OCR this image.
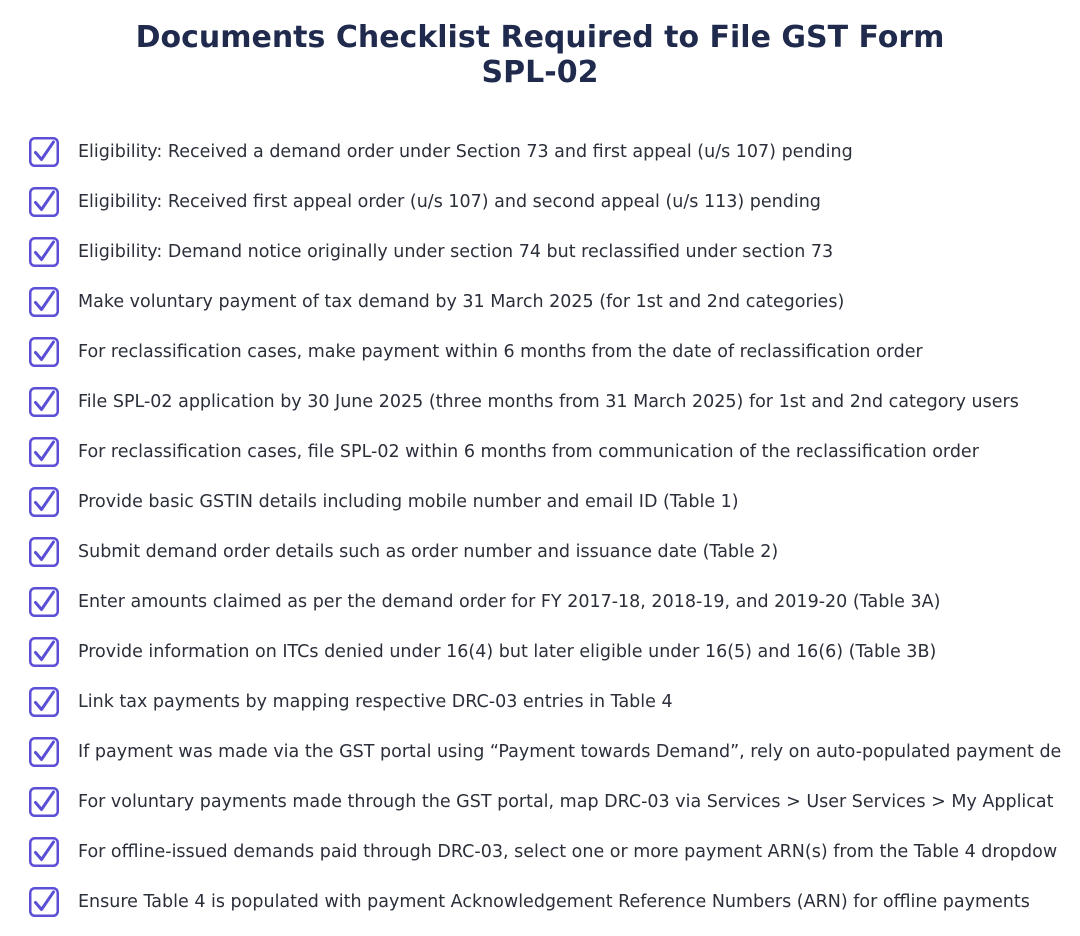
Documents Checklist Required to File GST Form
SPL-02
Eligibility: Received a demand order under Section 73 and first appeal (u/s 107) pending
Eligibility: Received first appeal order (u/s 107) and second appeal (u/s 113) pending
Eligibility: Demand notice originally under section 74 but reclassified under section 73
Make voluntary payment of tax demand by 31 March 2025 (for 1st and 2nd categories)
For reclassification cases, make payment within 6 months from the date of reclassification order
File SPL-02 application by 30 June 2025 (three months from 31 March 2025) for 1st and 2nd category users
For reclassification cases, file SPL-02 within 6 months from communication of the reclassification order
Provide basic GSTIN details including mobile number and email ID (Table 1)
Submit demand order details such as order number and issuance date (Table 2)
Enter amounts claimed as per the demand order for FY 2017-18, 2018-19, and 2019-20 (Table 3A)
Provide information on ITCs denied under 16(4) but later eligible under 16(5) and 16(6) (Table 3B)
Link tax payments by mapping respective DRC-03 entries in Table 4
If payment was made via the GST portal using “Payment towards Demand”, rely on auto-populated payment de
For voluntary payments made through the GST portal, map DRC-03 via Services > User Services > My Applicat
For offline-issued demands paid through DRC-03, select one or more payment ARN(s) from the Table 4 dropdow
Ensure Table 4 is populated with payment Acknowledgement Reference Numbers (ARN) for offline payments
